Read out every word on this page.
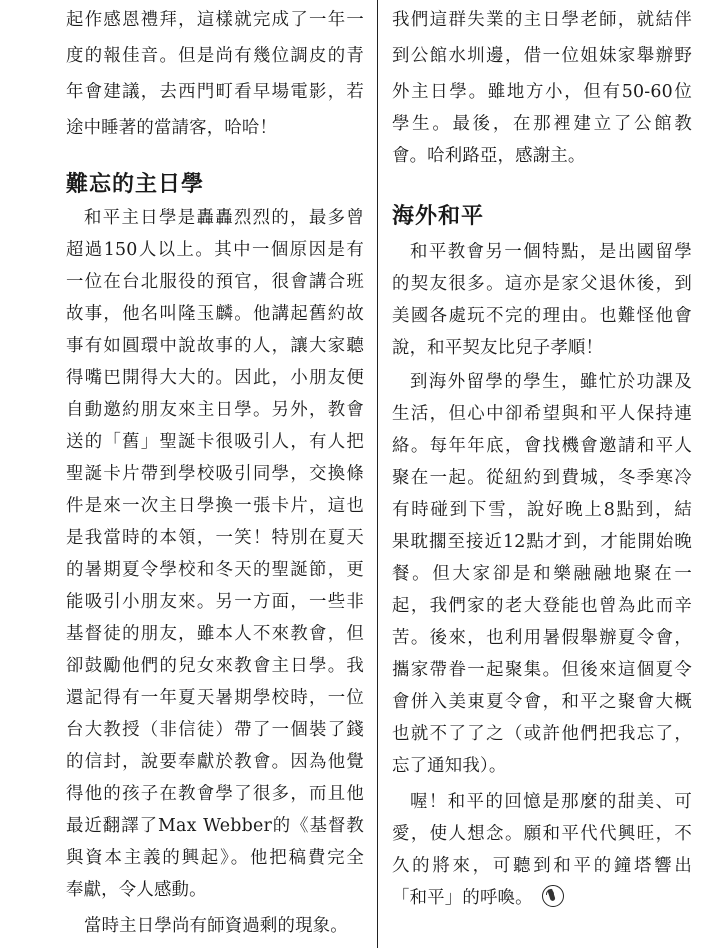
起作感恩禮拜，這樣就完成了一年一
度的報佳音。但是尚有幾位調皮的青
年會建議，去西門町看早場電影，若
途中睡著的當請客，哈哈！
難忘的主日學
和平主日學是轟轟烈烈的，最多曾
超過150人以上。其中一個原因是有
一位在台北服役的預官，很會講合班
故事，他名叫隆玉麟。他講起舊約故
事有如圓環中說故事的人，讓大家聽
得嘴巴開得大大的。因此，小朋友便
自動邀約朋友來主日學。另外，教會
送的「舊」聖誕卡很吸引人，有人把
聖誕卡片帶到學校吸引同學，交換條
件是來一次主日學換一張卡片，這也
是我當時的本領，一笑！特別在夏天
的暑期夏令學校和冬天的聖誕節，更
能吸引小朋友來。另一方面，一些非
基督徒的朋友，雖本人不來教會，但
卻鼓勵他們的兒女來教會主日學。我
還記得有一年夏天暑期學校時，一位
台大教授（非信徒）帶了一個裝了錢
的信封，說要奉獻於教會。因為他覺
得他的孩子在教會學了很多，而且他
最近翻譯了Max Webber的《基督教
與資本主義的興起》。他把稿費完全
奉獻，令人感動。
當時主日學尚有師資過剩的現象。
我們這群失業的主日學老師，就結伴
到公館水圳邊，借一位姐妹家舉辦野
外主日學。雖地方小，但有50-60位
學生。最後，在那裡建立了公館教
會。哈利路亞，感謝主。
海外和平
和平教會另一個特點，是出國留學
的契友很多。這亦是家父退休後，到
美國各處玩不完的理由。也難怪他會
說，和平契友比兒子孝順！
到海外留學的學生，雖忙於功課及
生活，但心中卻希望與和平人保持連
絡。每年年底，會找機會邀請和平人
聚在一起。從紐約到費城，冬季寒冷
有時碰到下雪，說好晚上8點到，結
果耽擱至接近12點才到，才能開始晚
餐。但大家卻是和樂融融地聚在一
起，我們家的老大登能也曾為此而辛
苦。後來，也利用暑假舉辦夏令會，
攜家帶眷一起聚集。但後來這個夏令
會併入美東夏令會，和平之聚會大概
也就不了了之（或許他們把我忘了，
忘了通知我）。
喔！和平的回憶是那麼的甜美、可
愛，使人想念。願和平代代興旺，不
久的將來，可聽到和平的鐘塔響出
「和平」的呼喚。
